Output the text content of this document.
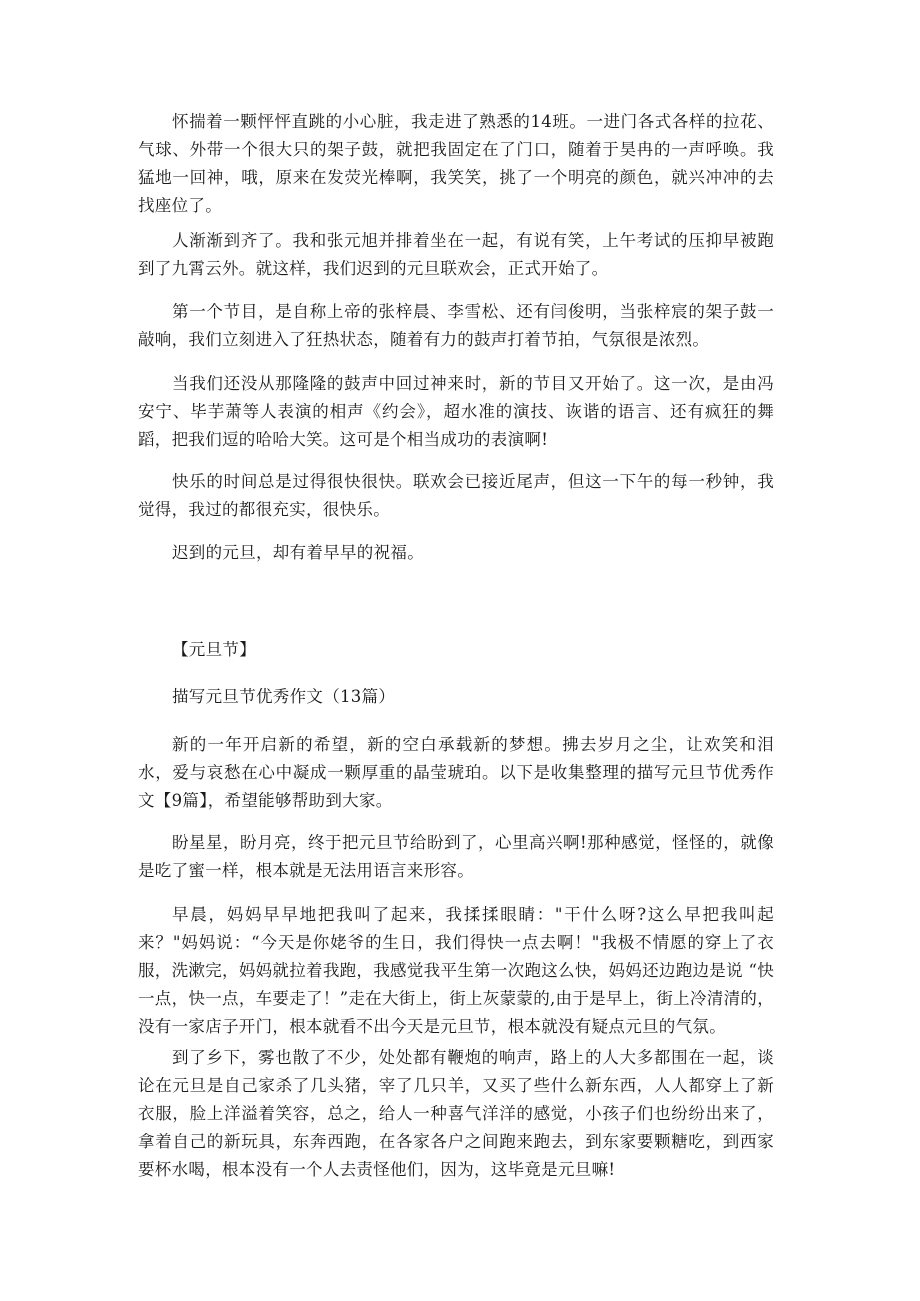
怀揣着一颗怦怦直跳的小心脏，我走进了熟悉的14班。一进门各式各样的拉花、气球、外带一个很大只的架子鼓，就把我固定在了门口，随着于昊冉的一声呼唤。我猛地一回神，哦，原来在发荧光棒啊，我笑笑，挑了一个明亮的颜色，就兴冲冲的去找座位了。

人渐渐到齐了。我和张元旭并排着坐在一起，有说有笑，上午考试的压抑早被跑到了九霄云外。就这样，我们迟到的元旦联欢会，正式开始了。

第一个节目，是自称上帝的张梓晨、李雪松、还有闫俊明，当张梓宸的架子鼓一敲响，我们立刻进入了狂热状态，随着有力的鼓声打着节拍，气氛很是浓烈。

当我们还没从那隆隆的鼓声中回过神来时，新的节目又开始了。这一次，是由冯安宁、毕芋萧等人表演的相声《约会》，超水准的演技、诙谐的语言、还有疯狂的舞蹈，把我们逗的哈哈大笑。这可是个相当成功的表演啊!

快乐的时间总是过得很快很快。联欢会已接近尾声，但这一下午的每一秒钟，我觉得，我过的都很充实，很快乐。

迟到的元旦，却有着早早的祝福。

【元旦节】

描写元旦节优秀作文（13篇）

新的一年开启新的希望，新的空白承载新的梦想。拂去岁月之尘，让欢笑和泪水，爱与哀愁在心中凝成一颗厚重的晶莹琥珀。以下是收集整理的描写元旦节优秀作文【9篇】，希望能够帮助到大家。

盼星星，盼月亮，终于把元旦节给盼到了，心里高兴啊!那种感觉，怪怪的，就像是吃了蜜一样，根本就是无法用语言来形容。

早晨，妈妈早早地把我叫了起来，我揉揉眼睛："干什么呀?这么早把我叫起来？"妈妈说：“今天是你姥爷的生日，我们得快一点去啊！"我极不情愿的穿上了衣服，洗漱完，妈妈就拉着我跑，我感觉我平生第一次跑这么快，妈妈还边跑边是说 “快一点，快一点，车要走了！”走在大街上，街上灰蒙蒙的,由于是早上，街上冷清清的，没有一家店子开门，根本就看不出今天是元旦节，根本就没有疑点元旦的气氛。

到了乡下，雾也散了不少，处处都有鞭炮的响声，路上的人大多都围在一起，谈论在元旦是自己家杀了几头猪，宰了几只羊，又买了些什么新东西，人人都穿上了新衣服，脸上洋溢着笑容，总之，给人一种喜气洋洋的感觉，小孩子们也纷纷出来了，拿着自己的新玩具，东奔西跑，在各家各户之间跑来跑去，到东家要颗糖吃，到西家要杯水喝，根本没有一个人去责怪他们，因为，这毕竟是元旦嘛!
